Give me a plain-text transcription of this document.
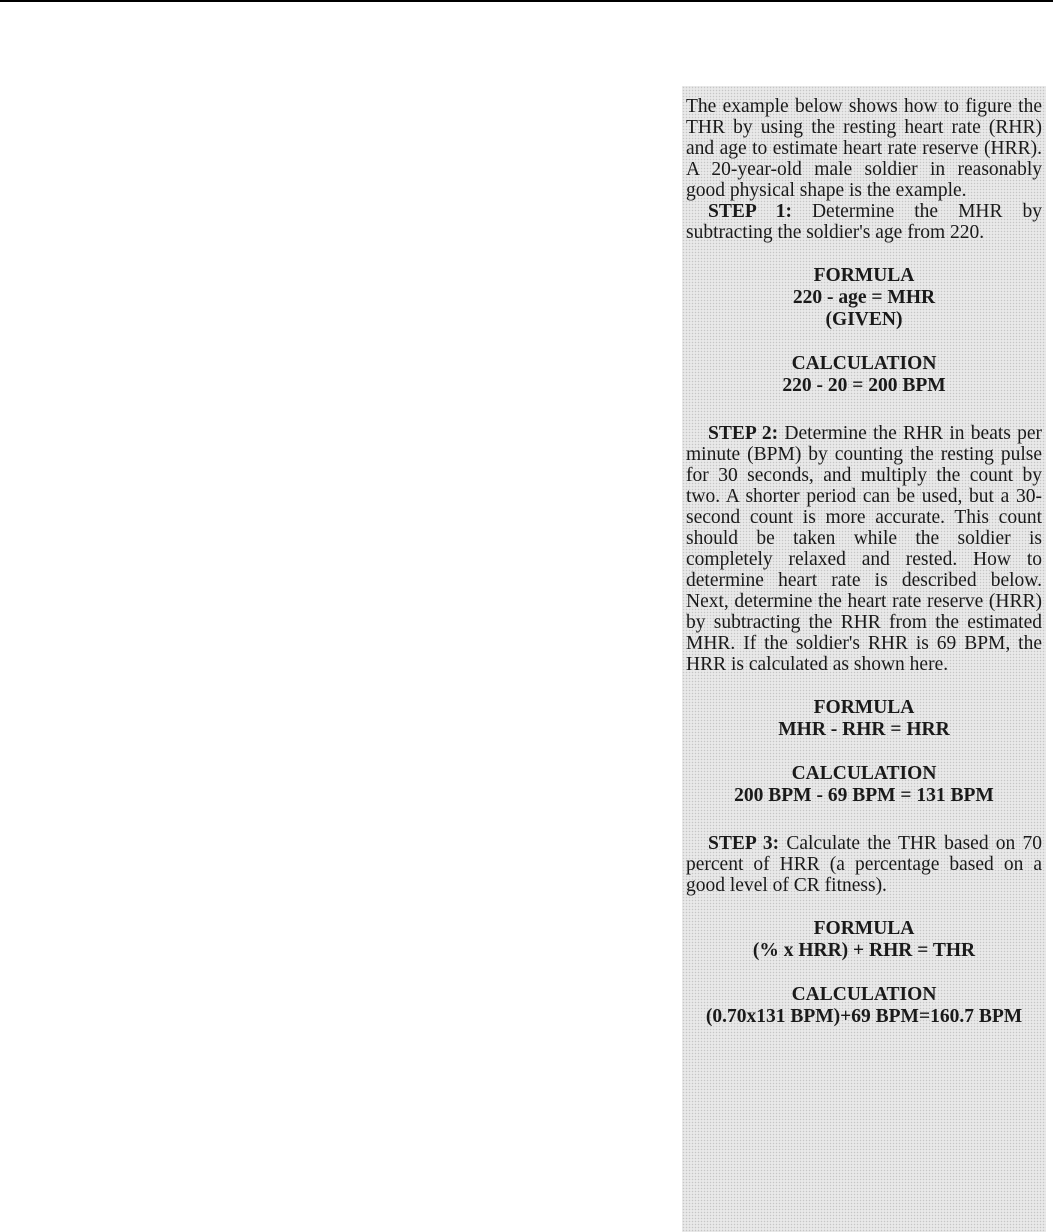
The example below shows how to figure the THR by using the resting heart rate (RHR) and age to estimate heart rate reserve (HRR). A 20-year-old male soldier in reasonably good physical shape is the example.

STEP 1: Determine the MHR by subtracting the soldier's age from 220.

FORMULA
220 - age = MHR
(GIVEN)
CALCULATION
220 - 20 = 200 BPM

STEP 2: Determine the RHR in beats per minute (BPM) by counting the resting pulse for 30 seconds, and multiply the count by two. A shorter period can be used, but a 30-second count is more accurate. This count should be taken while the soldier is completely relaxed and rested. How to determine heart rate is described below. Next, determine the heart rate reserve (HRR) by subtracting the RHR from the estimated MHR. If the soldier's RHR is 69 BPM, the HRR is calculated as shown here.

FORMULA
MHR - RHR = HRR
CALCULATION
200 BPM - 69 BPM = 131 BPM

STEP 3: Calculate the THR based on 70 percent of HRR (a percentage based on a good level of CR fitness).

FORMULA
(% x HRR) + RHR = THR
CALCULATION
(0.70x131 BPM)+69 BPM=160.7 BPM
